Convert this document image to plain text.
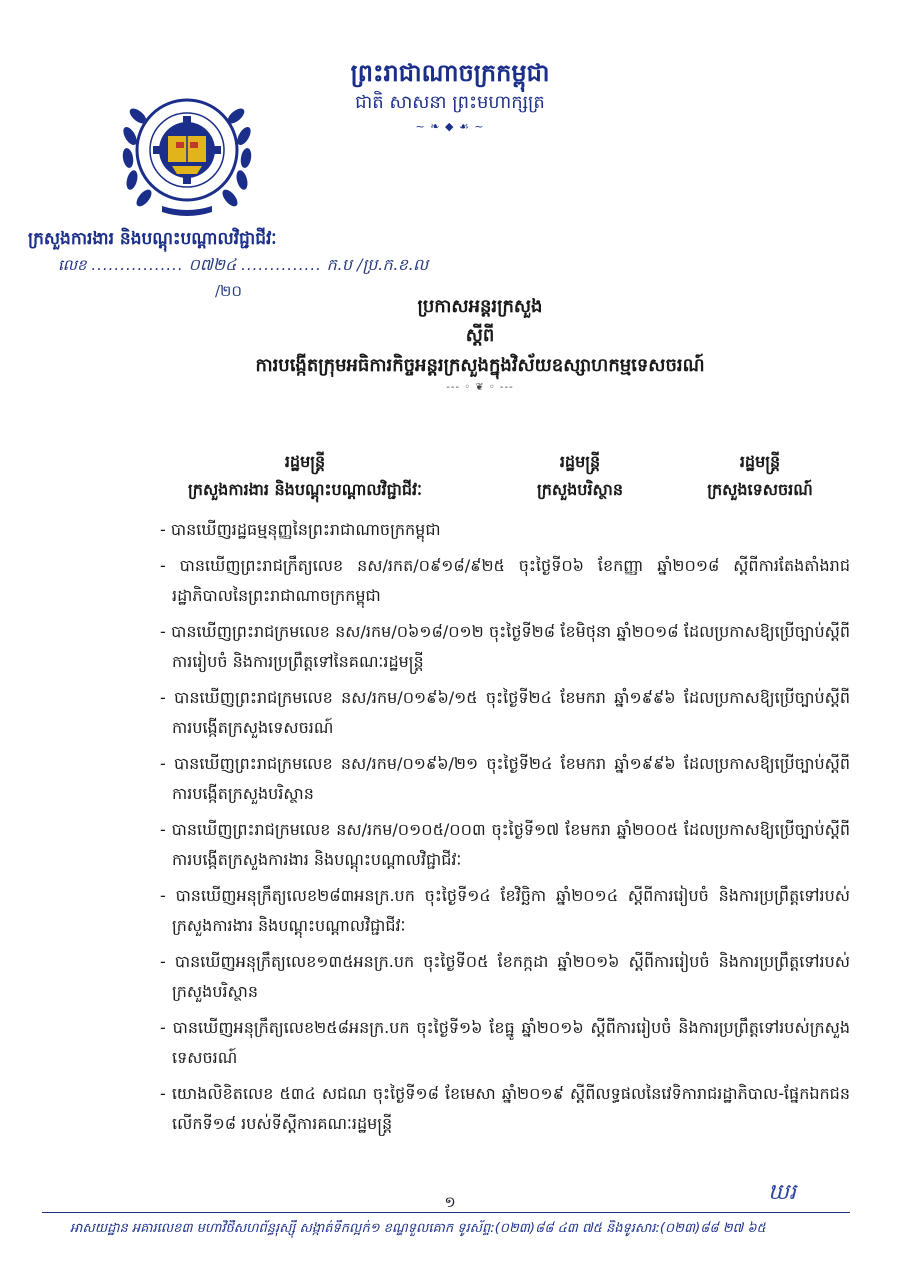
ព្រះរាជាណាចក្រកម្ពុជា
ជាតិ សាសនា ព្រះមហាក្សត្រ
~ ❧ ◆ ☙ ~
ក្រសួងការងារ និងបណ្តុះបណ្តាលវិជ្ជាជីវៈ
លេខ ................ ០៧២៤ .............. ក.ប /ប្រ.ក.ខ.ល
/២០
ប្រកាសអន្តរក្រសួង
ស្តីពី
ការបង្កើតក្រុមអធិការកិច្ចអន្តរក្រសួងក្នុងវិស័យឧស្សាហកម្មទេសចរណ៍
--- ◦ ❦ ◦ ---
រដ្ឋមន្ត្រី
ក្រសួងការងារ និងបណ្តុះបណ្តាលវិជ្ជាជីវៈ
រដ្ឋមន្ត្រី
ក្រសួងបរិស្ថាន
រដ្ឋមន្ត្រី
ក្រសួងទេសចរណ៍

- បានឃើញរដ្ឋធម្មនុញ្ញនៃព្រះរាជាណាចក្រកម្ពុជា

- បានឃើញព្រះរាជក្រឹត្យលេខ នស/រកត/០៩១៨/៩២៥ ចុះថ្ងៃទី០៦ ខែកញ្ញា ឆ្នាំ២០១៨ ស្តីពីការតែងតាំងរាជរដ្ឋាភិបាលនៃព្រះរាជាណាចក្រកម្ពុជា

- បានឃើញព្រះរាជក្រមលេខ នស/រកម/០៦១៨/០១២ ចុះថ្ងៃទី២៨ ខែមិថុនា ឆ្នាំ២០១៨ ដែលប្រកាសឱ្យប្រើច្បាប់ស្តីពីការរៀបចំ និងការប្រព្រឹត្តទៅនៃគណៈរដ្ឋមន្ត្រី

- បានឃើញព្រះរាជក្រមលេខ នស/រកម/០១៩៦/១៥ ចុះថ្ងៃទី២៤ ខែមករា ឆ្នាំ១៩៩៦ ដែលប្រកាសឱ្យប្រើច្បាប់ស្តីពីការបង្កើតក្រសួងទេសចរណ៍

- បានឃើញព្រះរាជក្រមលេខ នស/រកម/០១៩៦/២១ ចុះថ្ងៃទី២៤ ខែមករា ឆ្នាំ១៩៩៦ ដែលប្រកាសឱ្យប្រើច្បាប់ស្តីពីការបង្កើតក្រសួងបរិស្ថាន

- បានឃើញព្រះរាជក្រមលេខ នស/រកម/០១០៥/០០៣ ចុះថ្ងៃទី១៧ ខែមករា ឆ្នាំ២០០៥ ដែលប្រកាសឱ្យប្រើច្បាប់ស្តីពីការបង្កើតក្រសួងការងារ និងបណ្តុះបណ្តាលវិជ្ជាជីវៈ

- បានឃើញអនុក្រឹត្យលេខ២៨៣អនក្រ.បក ចុះថ្ងៃទី១៤ ខែវិច្ឆិកា ឆ្នាំ២០១៤ ស្តីពីការរៀបចំ និងការប្រព្រឹត្តទៅរបស់ក្រសួងការងារ និងបណ្តុះបណ្តាលវិជ្ជាជីវៈ

- បានឃើញអនុក្រឹត្យលេខ១៣៥អនក្រ.បក ចុះថ្ងៃទី០៥ ខែកក្កដា ឆ្នាំ២០១៦ ស្តីពីការរៀបចំ និងការប្រព្រឹត្តទៅរបស់ក្រសួងបរិស្ថាន

- បានឃើញអនុក្រឹត្យលេខ២៥៨អនក្រ.បក ចុះថ្ងៃទី១៦ ខែធ្នូ ឆ្នាំ២០១៦ ស្តីពីការរៀបចំ និងការប្រព្រឹត្តទៅរបស់ក្រសួងទេសចរណ៍

- យោងលិខិតលេខ ៥៣៤ សជណ ចុះថ្ងៃទី១៨ ខែមេសា ឆ្នាំ២០១៩ ស្តីពីលទ្ធផលនៃវេទិការាជរដ្ឋាភិបាល-ផ្នែកឯកជន លើកទី១៨ របស់ទីស្តីការគណៈរដ្ឋមន្ត្រី

ឃរ
១
អាសយដ្ឋាន អគារលេខ៣ មហាវិថីសហព័ន្ធរុស្ស៊ី សង្កាត់ទឹកល្អក់១ ខណ្ឌទួលគោក ទូរស័ព្ទ:(០២៣)៨៨ ៤៣ ៧៥ និងទូរសារ:(០២៣)៨៨ ២៧ ៦៥
